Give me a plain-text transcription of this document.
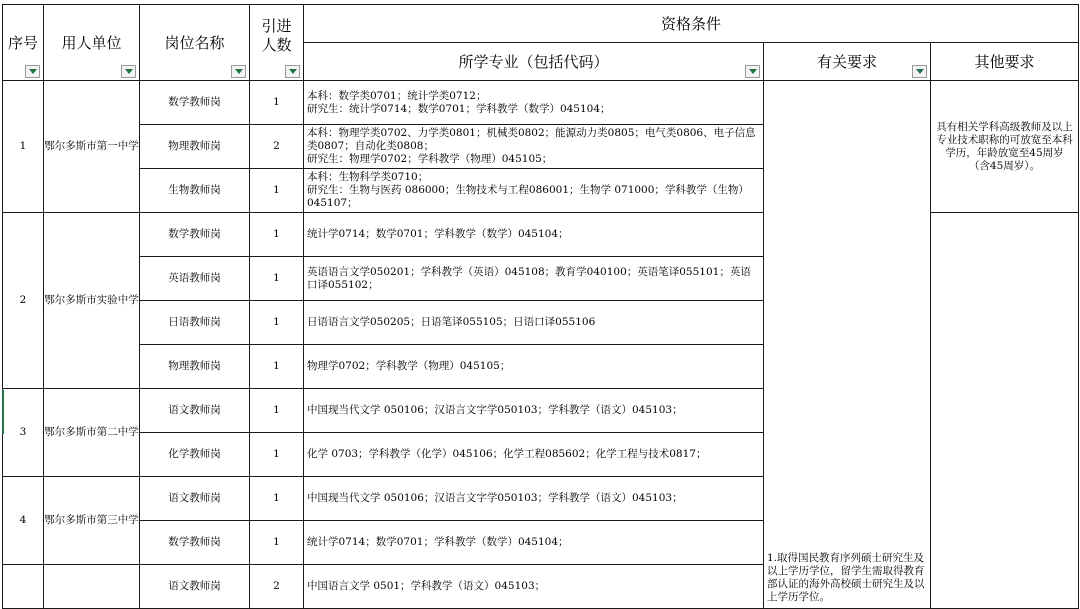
序号	用人单位	岗位名称	引进人数	资格条件		

				所学专业（包括代码）	有关要求	其他要求

1	鄂尔多斯市第一中学	数学教师岗	1	本科：数学类0701；统计学类0712；
研究生：统计学0714；数学0701；学科教学（数学）045104；	1.取得国民教育序列硕士研究生及以上学历学位，留学生需取得教育部认证的海外高校硕士研究生及以上学历学位。	具有相关学科高级教师及以上专业技术职称的可放宽至本科学历，年龄放宽至45周岁（含45周岁）。
		物理教师岗	2	本科：物理学类0702、力学类0801；机械类0802；能源动力类0805；电气类0806、电子信息类0807；自动化类0808；
研究生：物理学0702；学科教学（物理）045105；		
		生物教师岗	1	本科：生物科学类0710；
研究生：生物与医药 086000；生物技术与工程086001；生物学 071000；学科教学（生物）045107；		
2	鄂尔多斯市实验中学	数学教师岗	1	统计学0714；数学0701；学科教学（数学）045104；		
		英语教师岗	1	英语语言文学050201；学科教学（英语）045108；教育学040100；英语笔译055101；英语口译055102；		
		日语教师岗	1	日语语言文学050205；日语笔译055105；日语口译055106		
		物理教师岗	1	物理学0702；学科教学（物理）045105；		
3	鄂尔多斯市第二中学	语文教师岗	1	中国现当代文学 050106；汉语言文字学050103；学科教学（语文）045103；		
		化学教师岗	1	化学 0703；学科教学（化学）045106；化学工程085602；化学工程与技术0817；		
4	鄂尔多斯市第三中学	语文教师岗	1	中国现当代文学 050106；汉语言文字学050103；学科教学（语文）045103；		
		数学教师岗	1	统计学0714；数学0701；学科教学（数学）045104；		
		语文教师岗	2	中国语言文学 0501；学科教学（语文）045103；		
